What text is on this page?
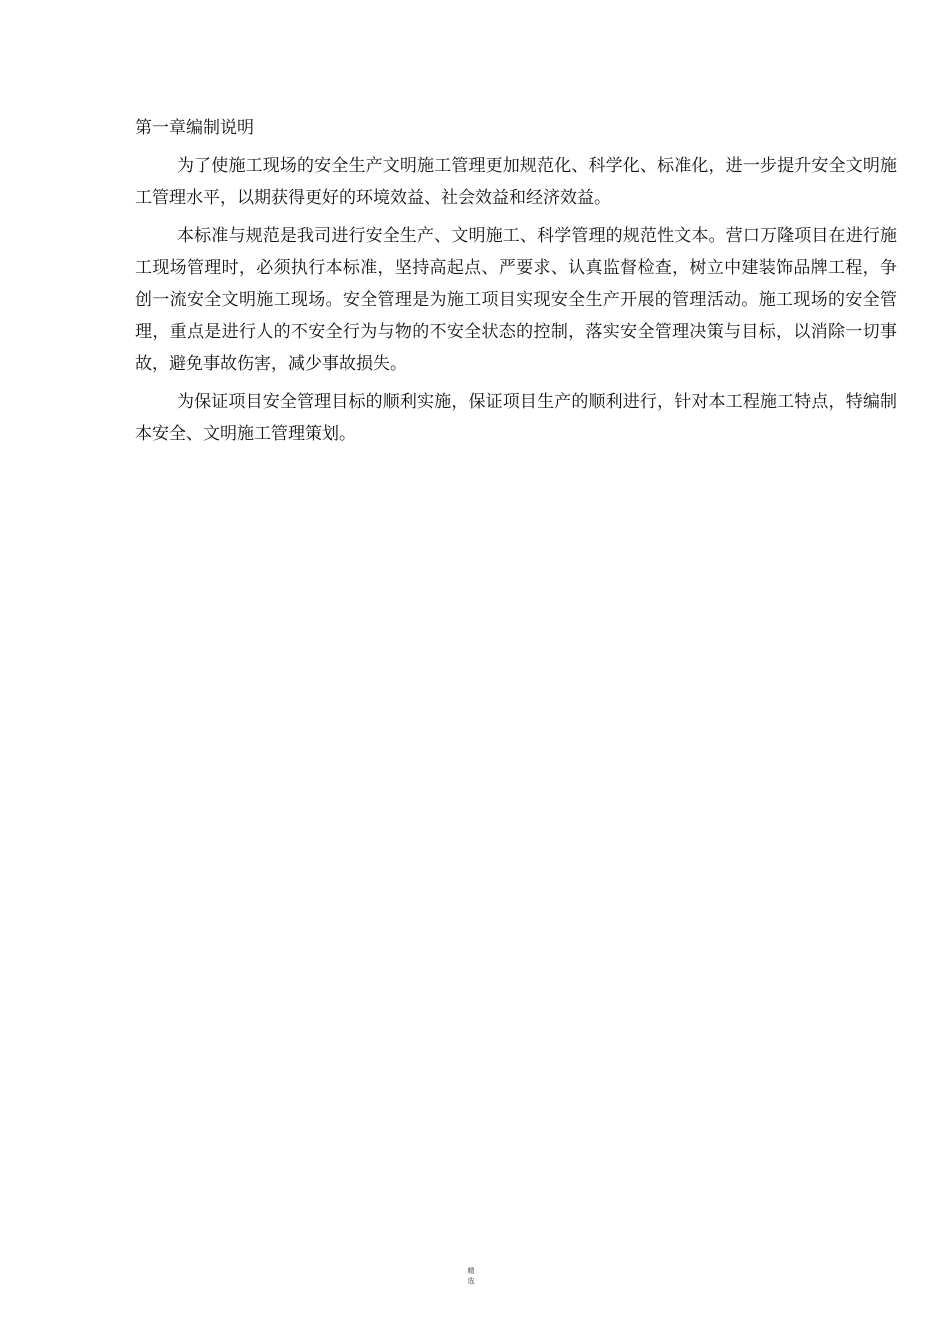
第一章编制说明

为了使施工现场的安全生产文明施工管理更加规范化、科学化、标准化，进一步提升安全文明施工管理水平，以期获得更好的环境效益、社会效益和经济效益。

本标准与规范是我司进行安全生产、文明施工、科学管理的规范性文本。营口万隆项目在进行施工现场管理时，必须执行本标准，坚持高起点、严要求、认真监督检查，树立中建装饰品牌工程，争创一流安全文明施工现场。安全管理是为施工项目实现安全生产开展的管理活动。施工现场的安全管理，重点是进行人的不安全行为与物的不安全状态的控制，落实安全管理决策与目标，以消除一切事故，避免事故伤害，减少事故损失。

为保证项目安全管理目标的顺利实施，保证项目生产的顺利进行，针对本工程施工特点，特编制本安全、文明施工管理策划。

精
选
